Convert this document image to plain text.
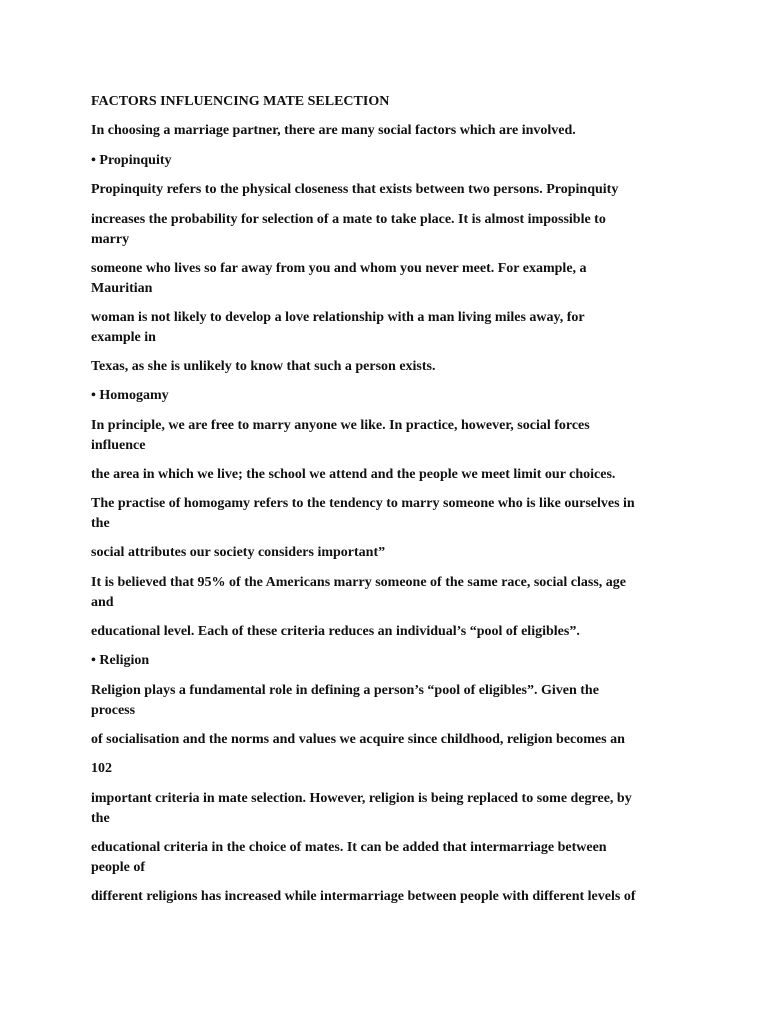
FACTORS INFLUENCING MATE SELECTION

In choosing a marriage partner, there are many social factors which are involved.

• Propinquity

Propinquity refers to the physical closeness that exists between two persons. Propinquity

increases the probability for selection of a mate to take place. It is almost impossible to
marry

someone who lives so far away from you and whom you never meet. For example, a
Mauritian

woman is not likely to develop a love relationship with a man living miles away, for
example in

Texas, as she is unlikely to know that such a person exists.

• Homogamy

In principle, we are free to marry anyone we like. In practice, however, social forces
influence

the area in which we live; the school we attend and the people we meet limit our choices.

The practise of homogamy refers to the tendency to marry someone who is like ourselves in
the

social attributes our society considers important”

It is believed that 95% of the Americans marry someone of the same race, social class, age
and

educational level. Each of these criteria reduces an individual’s “pool of eligibles”.

• Religion

Religion plays a fundamental role in defining a person’s “pool of eligibles”. Given the
process

of socialisation and the norms and values we acquire since childhood, religion becomes an

102

important criteria in mate selection. However, religion is being replaced to some degree, by
the

educational criteria in the choice of mates. It can be added that intermarriage between
people of

different religions has increased while intermarriage between people with different levels of
